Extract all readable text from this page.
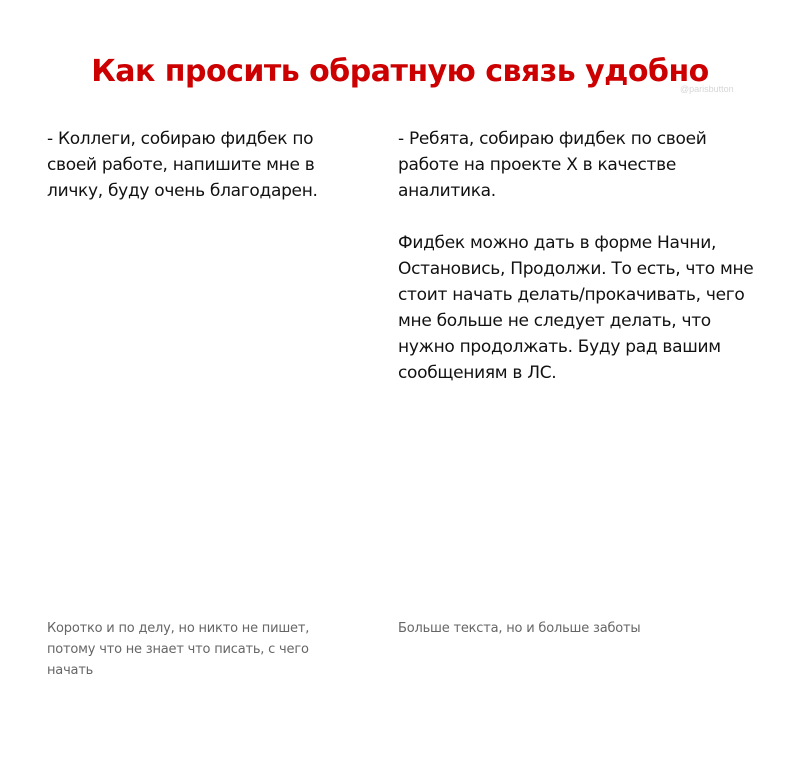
Как просить обратную связь удобно
@parisbutton

- Коллеги, собираю фидбек по своей работе, напишите мне в личку, буду очень благодарен.

- Ребята, собираю фидбек по своей работе на проекте Х в качестве аналитика.

Фидбек можно дать в форме Начни, Остановись, Продолжи. То есть, что мне стоит начать делать/прокачивать, чего мне больше не следует делать, что нужно продолжать. Буду рад вашим сообщениям в ЛС.

Коротко и по делу, но никто не пишет, потому что не знает что писать, с чего начать
Больше текста, но и больше заботы
